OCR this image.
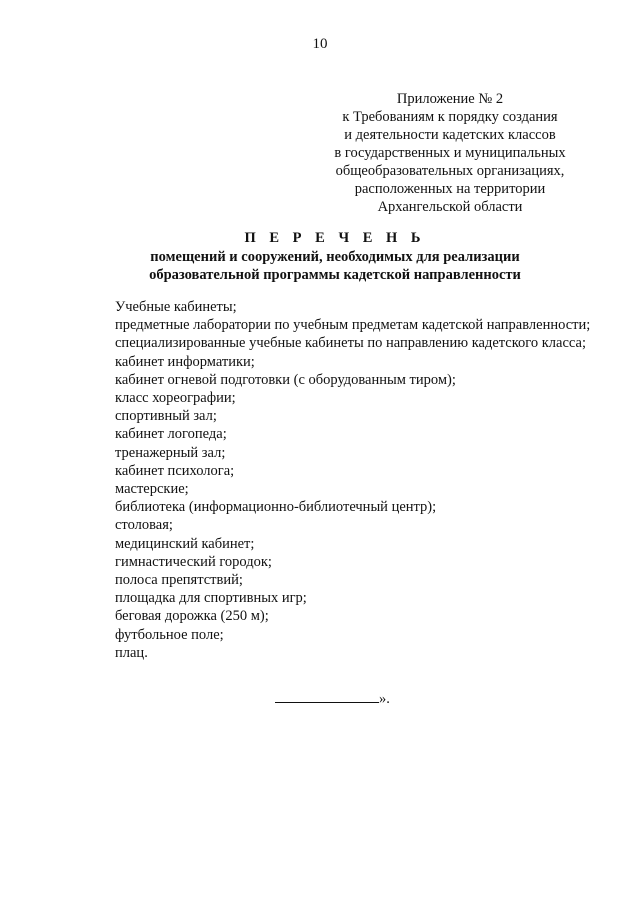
10
Приложение № 2
к Требованиям к порядку создания
и деятельности кадетских классов
в государственных и муниципальных
общеобразовательных организациях,
расположенных на территории
Архангельской области
П Е Р Е Ч Е Н Ь
помещений и сооружений, необходимых для реализации
образовательной программы кадетской направленности
Учебные кабинеты;
предметные лаборатории по учебным предметам кадетской направленности;
специализированные учебные кабинеты по направлению кадетского класса;
кабинет информатики;
кабинет огневой подготовки (с оборудованным тиром);
класс хореографии;
спортивный зал;
кабинет логопеда;
тренажерный зал;
кабинет психолога;
мастерские;
библиотека (информационно-библиотечный центр);
столовая;
медицинский кабинет;
гимнастический городок;
полоса препятствий;
площадка для спортивных игр;
беговая дорожка (250 м);
футбольное поле;
плац.
».
